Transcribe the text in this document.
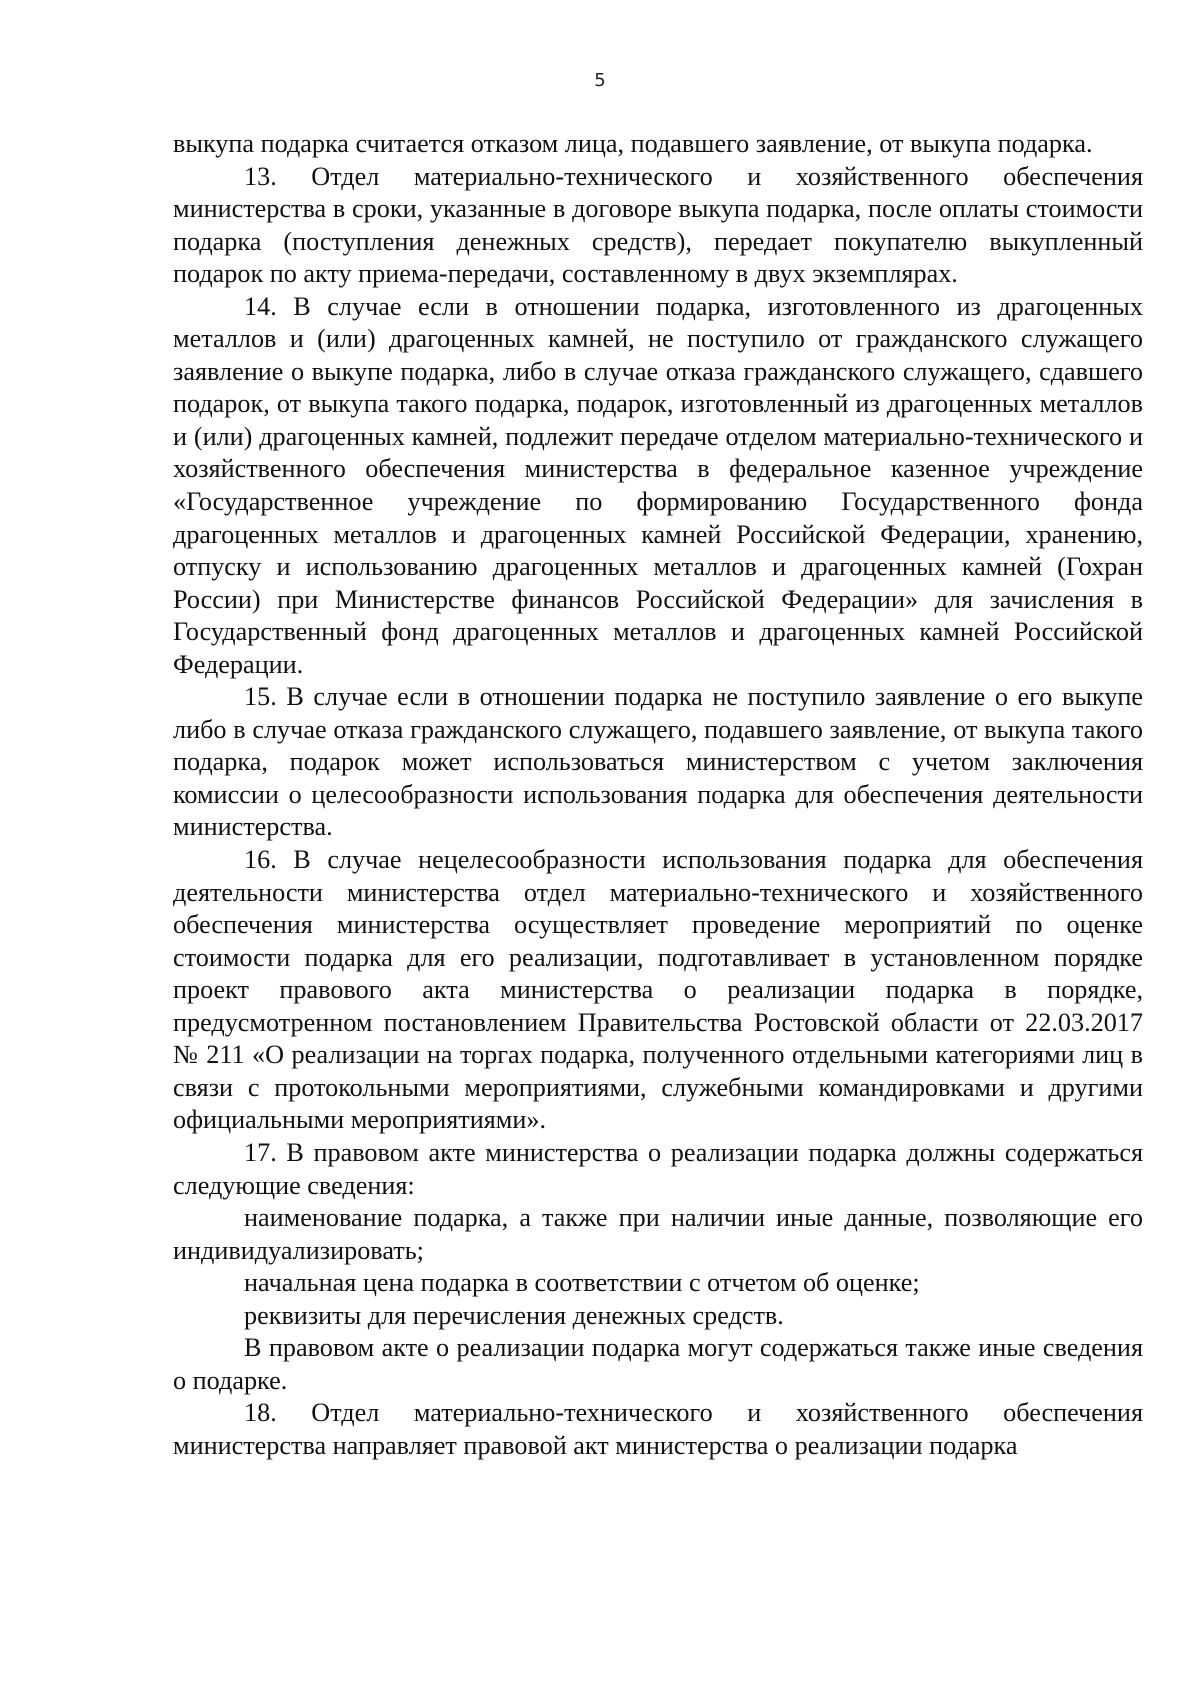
5

выкупа подарка считается отказом лица, подавшего заявление, от выкупа подарка.

13. Отдел материально-технического и хозяйственного обеспечения министерства в сроки, указанные в договоре выкупа подарка, после оплаты стоимости подарка (поступления денежных средств), передает покупателю выкупленный подарок по акту приема-передачи, составленному в двух экземплярах.

14. В случае если в отношении подарка, изготовленного из драгоценных металлов и (или) драгоценных камней, не поступило от гражданского служащего заявление о выкупе подарка, либо в случае отказа гражданского служащего, сдавшего подарок, от выкупа такого подарка, подарок, изготовленный из драгоценных металлов и (или) драгоценных камней, подлежит передаче отделом материально-технического и хозяйственного обеспечения министерства в федеральное казенное учреждение «Государственное учреждение по формированию Государственного фонда драгоценных металлов и драгоценных камней Российской Федерации, хранению, отпуску и использованию драгоценных металлов и драгоценных камней (Гохран России) при Министерстве финансов Российской Федерации» для зачисления в Государственный фонд драгоценных металлов и драгоценных камней Российской Федерации.

15. В случае если в отношении подарка не поступило заявление о его выкупе либо в случае отказа гражданского служащего, подавшего заявление, от выкупа такого подарка, подарок может использоваться министерством с учетом заключения комиссии о целесообразности использования подарка для обеспечения деятельности министерства.

16. В случае нецелесообразности использования подарка для обеспечения деятельности министерства отдел материально-технического и хозяйственного обеспечения министерства осуществляет проведение мероприятий по оценке стоимости подарка для его реализации, подготавливает в установленном порядке проект правового акта министерства о реализации подарка в порядке, предусмотренном постановлением Правительства Ростовской области от 22.03.2017 № 211 «О реализации на торгах подарка, полученного отдельными категориями лиц в связи с протокольными мероприятиями, служебными командировками и другими официальными мероприятиями».

17. В правовом акте министерства о реализации подарка должны содержаться следующие сведения:

наименование подарка, а также при наличии иные данные, позволяющие его индивидуализировать;

начальная цена подарка в соответствии с отчетом об оценке;

реквизиты для перечисления денежных средств.

В правовом акте о реализации подарка могут содержаться также иные сведения о подарке.

18. Отдел материально-технического и хозяйственного обеспечения министерства направляет правовой акт министерства о реализации подарка
